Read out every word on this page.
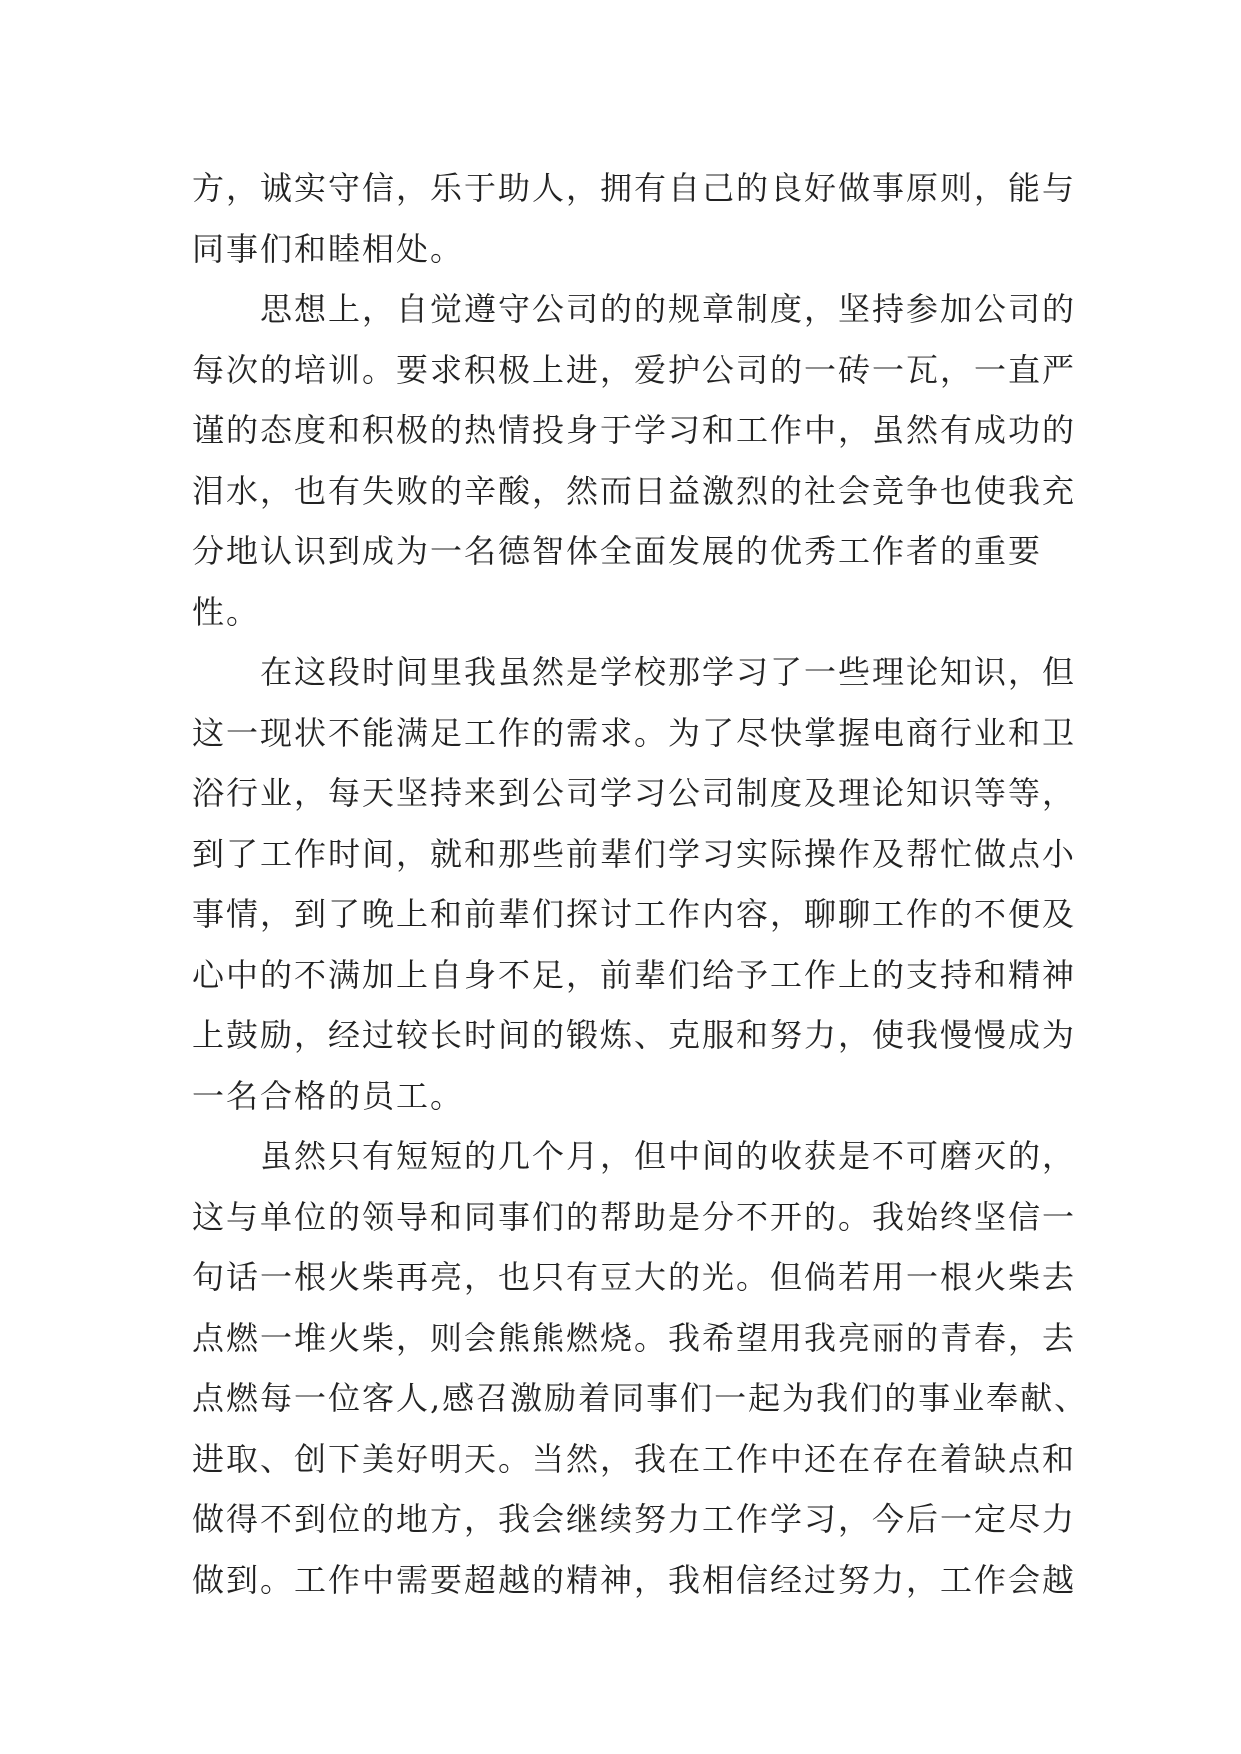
方，诚实守信，乐于助人，拥有自己的良好做事原则，能与

同事们和睦相处。

思想上，自觉遵守公司的的规章制度，坚持参加公司的

每次的培训。要求积极上进，爱护公司的一砖一瓦，一直严

谨的态度和积极的热情投身于学习和工作中，虽然有成功的

泪水，也有失败的辛酸，然而日益激烈的社会竞争也使我充

分地认识到成为一名德智体全面发展的优秀工作者的重要

性。

在这段时间里我虽然是学校那学习了一些理论知识，但

这一现状不能满足工作的需求。为了尽快掌握电商行业和卫

浴行业，每天坚持来到公司学习公司制度及理论知识等等，

到了工作时间，就和那些前辈们学习实际操作及帮忙做点小

事情，到了晚上和前辈们探讨工作内容，聊聊工作的不便及

心中的不满加上自身不足，前辈们给予工作上的支持和精神

上鼓励，经过较长时间的锻炼、克服和努力，使我慢慢成为

一名合格的员工。

虽然只有短短的几个月，但中间的收获是不可磨灭的，

这与单位的领导和同事们的帮助是分不开的。我始终坚信一

句话一根火柴再亮，也只有豆大的光。但倘若用一根火柴去

点燃一堆火柴，则会熊熊燃烧。我希望用我亮丽的青春，去

点燃每一位客人,感召激励着同事们一起为我们的事业奉献、

进取、创下美好明天。当然，我在工作中还在存在着缺点和

做得不到位的地方，我会继续努力工作学习，今后一定尽力

做到。工作中需要超越的精神，我相信经过努力，工作会越
